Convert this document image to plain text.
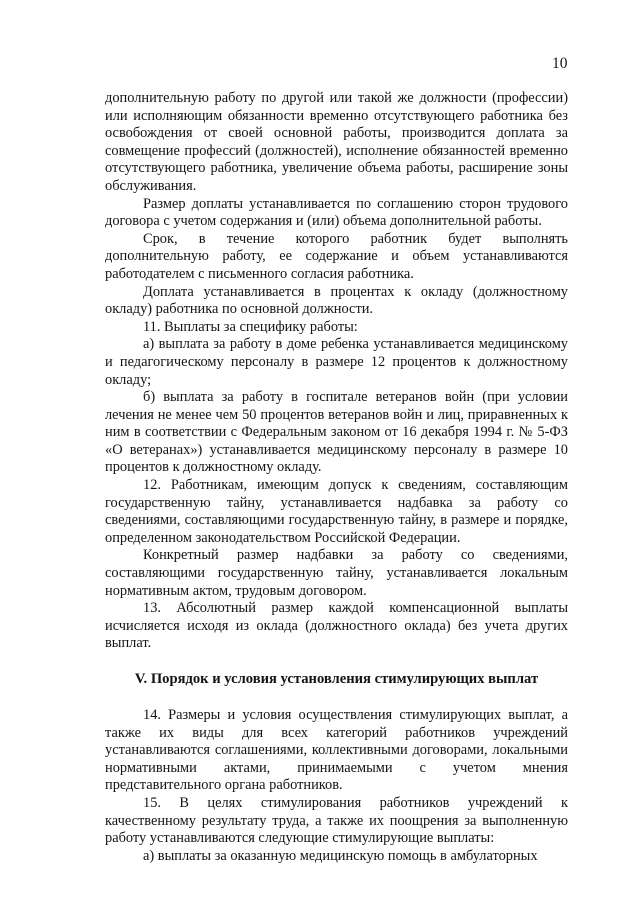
10

дополнительную работу по другой или такой же должности (профессии) или исполняющим обязанности временно отсутствующего работника без освобождения от своей основной работы, производится доплата за совмещение профессий (должностей), исполнение обязанностей временно отсутствующего работника, увеличение объема работы, расширение зоны обслуживания.

Размер доплаты устанавливается по соглашению сторон трудового договора с учетом содержания и (или) объема дополнительной работы.

Срок, в течение которого работник будет выполнять дополнительную работу, ее содержание и объем устанавливаются работодателем с письменного согласия работника.

Доплата устанавливается в процентах к окладу (должностному окладу) работника по основной должности.

11. Выплаты за специфику работы:

а) выплата за работу в доме ребенка устанавливается медицинскому и педагогическому персоналу в размере 12 процентов к должностному окладу;

б) выплата за работу в госпитале ветеранов войн (при условии лечения не менее чем 50 процентов ветеранов войн и лиц, приравненных к ним в соответствии с Федеральным законом от 16 декабря 1994 г. № 5-ФЗ «О ветеранах») устанавливается медицинскому персоналу в размере 10 процентов к должностному окладу.

12. Работникам, имеющим допуск к сведениям, составляющим государственную тайну, устанавливается надбавка за работу со сведениями, составляющими государственную тайну, в размере и порядке, определенном законодательством Российской Федерации.

Конкретный размер надбавки за работу со сведениями, составляющими государственную тайну, устанавливается локальным нормативным актом, трудовым договором.

13. Абсолютный размер каждой компенсационной выплаты исчисляется исходя из оклада (должностного оклада) без учета других выплат.

V. Порядок и условия установления стимулирующих выплат

14. Размеры и условия осуществления стимулирующих выплат, а также их виды для всех категорий работников учреждений устанавливаются соглашениями, коллективными договорами, локальными нормативными актами, принимаемыми с учетом мнения представительного органа работников.

15. В целях стимулирования работников учреждений к качественному результату труда, а также их поощрения за выполненную работу устанавливаются следующие стимулирующие выплаты:

а) выплаты за оказанную медицинскую помощь в амбулаторных
